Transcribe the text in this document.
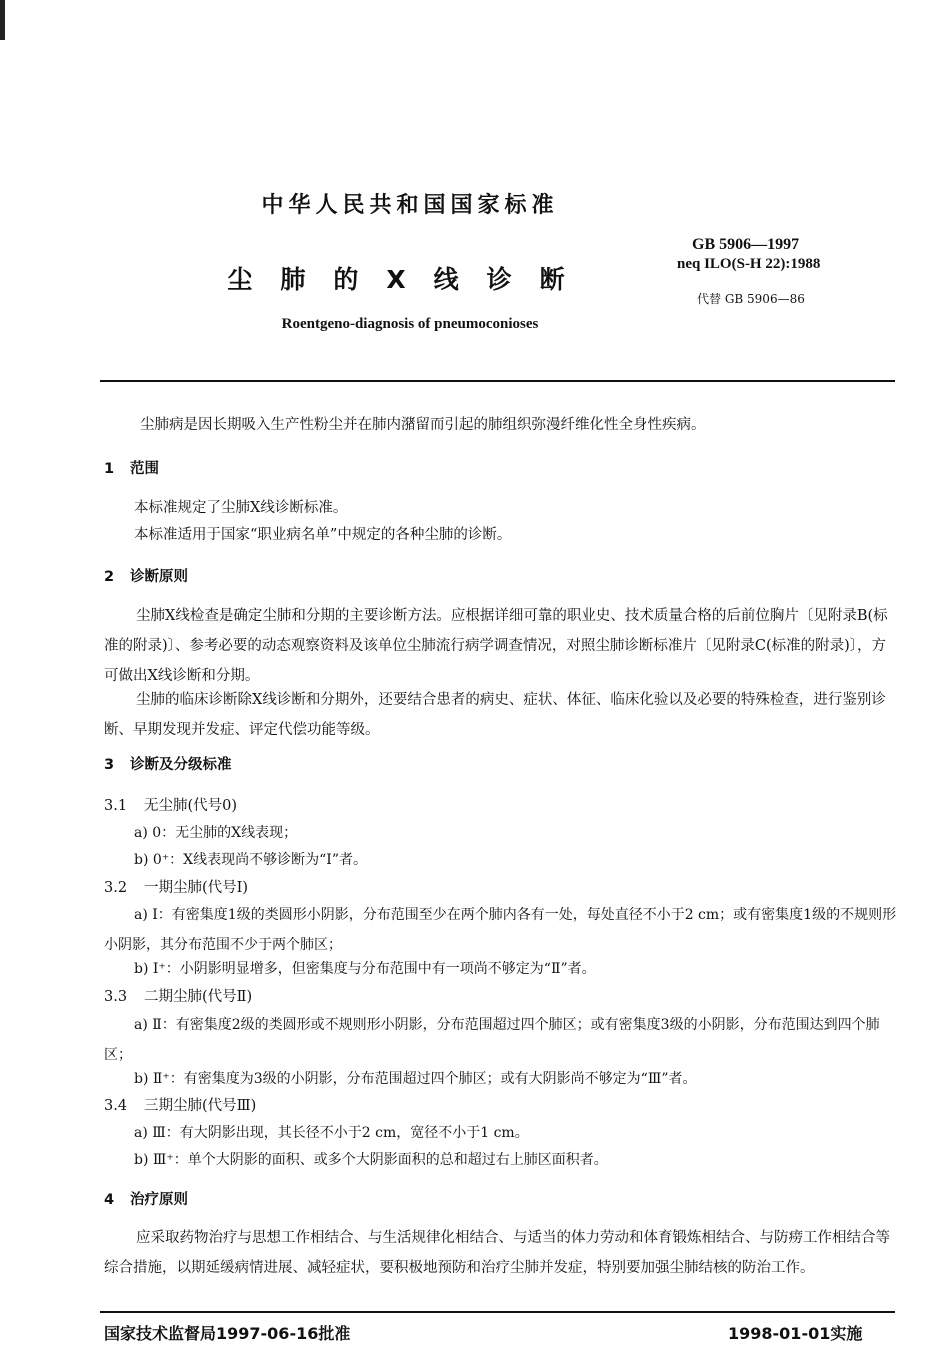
中华人民共和国国家标准
尘肺的X线诊断
Roentgeno-diagnosis of pneumoconioses
GB 5906—1997
neq ILO(S-H 22):1988
代替 GB 5906—86
尘肺病是因长期吸入生产性粉尘并在肺内潴留而引起的肺组织弥漫纤维化性全身性疾病。
1 范围
本标准规定了尘肺X线诊断标准。
本标准适用于国家“职业病名单”中规定的各种尘肺的诊断。
2 诊断原则
尘肺X线检查是确定尘肺和分期的主要诊断方法。应根据详细可靠的职业史、技术质量合格的后前位胸片〔见附录B(标准的附录)〕、参考必要的动态观察资料及该单位尘肺流行病学调查情况，对照尘肺诊断标准片〔见附录C(标准的附录)〕，方可做出X线诊断和分期。
尘肺的临床诊断除X线诊断和分期外，还要结合患者的病史、症状、体征、临床化验以及必要的特殊检查，进行鉴别诊断、早期发现并发症、评定代偿功能等级。
3 诊断及分级标准
3.1 无尘肺(代号0)
a) 0：无尘肺的X线表现；
b) 0⁺：X线表现尚不够诊断为“Ⅰ”者。
3.2 一期尘肺(代号Ⅰ)
a) Ⅰ：有密集度1级的类圆形小阴影，分布范围至少在两个肺内各有一处，每处直径不小于2 cm；或有密集度1级的不规则形小阴影，其分布范围不少于两个肺区；
b) Ⅰ⁺：小阴影明显增多，但密集度与分布范围中有一项尚不够定为“Ⅱ”者。
3.3 二期尘肺(代号Ⅱ)
a) Ⅱ：有密集度2级的类圆形或不规则形小阴影，分布范围超过四个肺区；或有密集度3级的小阴影，分布范围达到四个肺区；
b) Ⅱ⁺：有密集度为3级的小阴影，分布范围超过四个肺区；或有大阴影尚不够定为“Ⅲ”者。
3.4 三期尘肺(代号Ⅲ)
a) Ⅲ：有大阴影出现，其长径不小于2 cm，宽径不小于1 cm。
b) Ⅲ⁺：单个大阴影的面积、或多个大阴影面积的总和超过右上肺区面积者。
4 治疗原则
应采取药物治疗与思想工作相结合、与生活规律化相结合、与适当的体力劳动和体育锻炼相结合、与防痨工作相结合等综合措施，以期延缓病情进展、减轻症状，要积极地预防和治疗尘肺并发症，特别要加强尘肺结核的防治工作。
国家技术监督局1997-06-16批准	1998-01-01实施
